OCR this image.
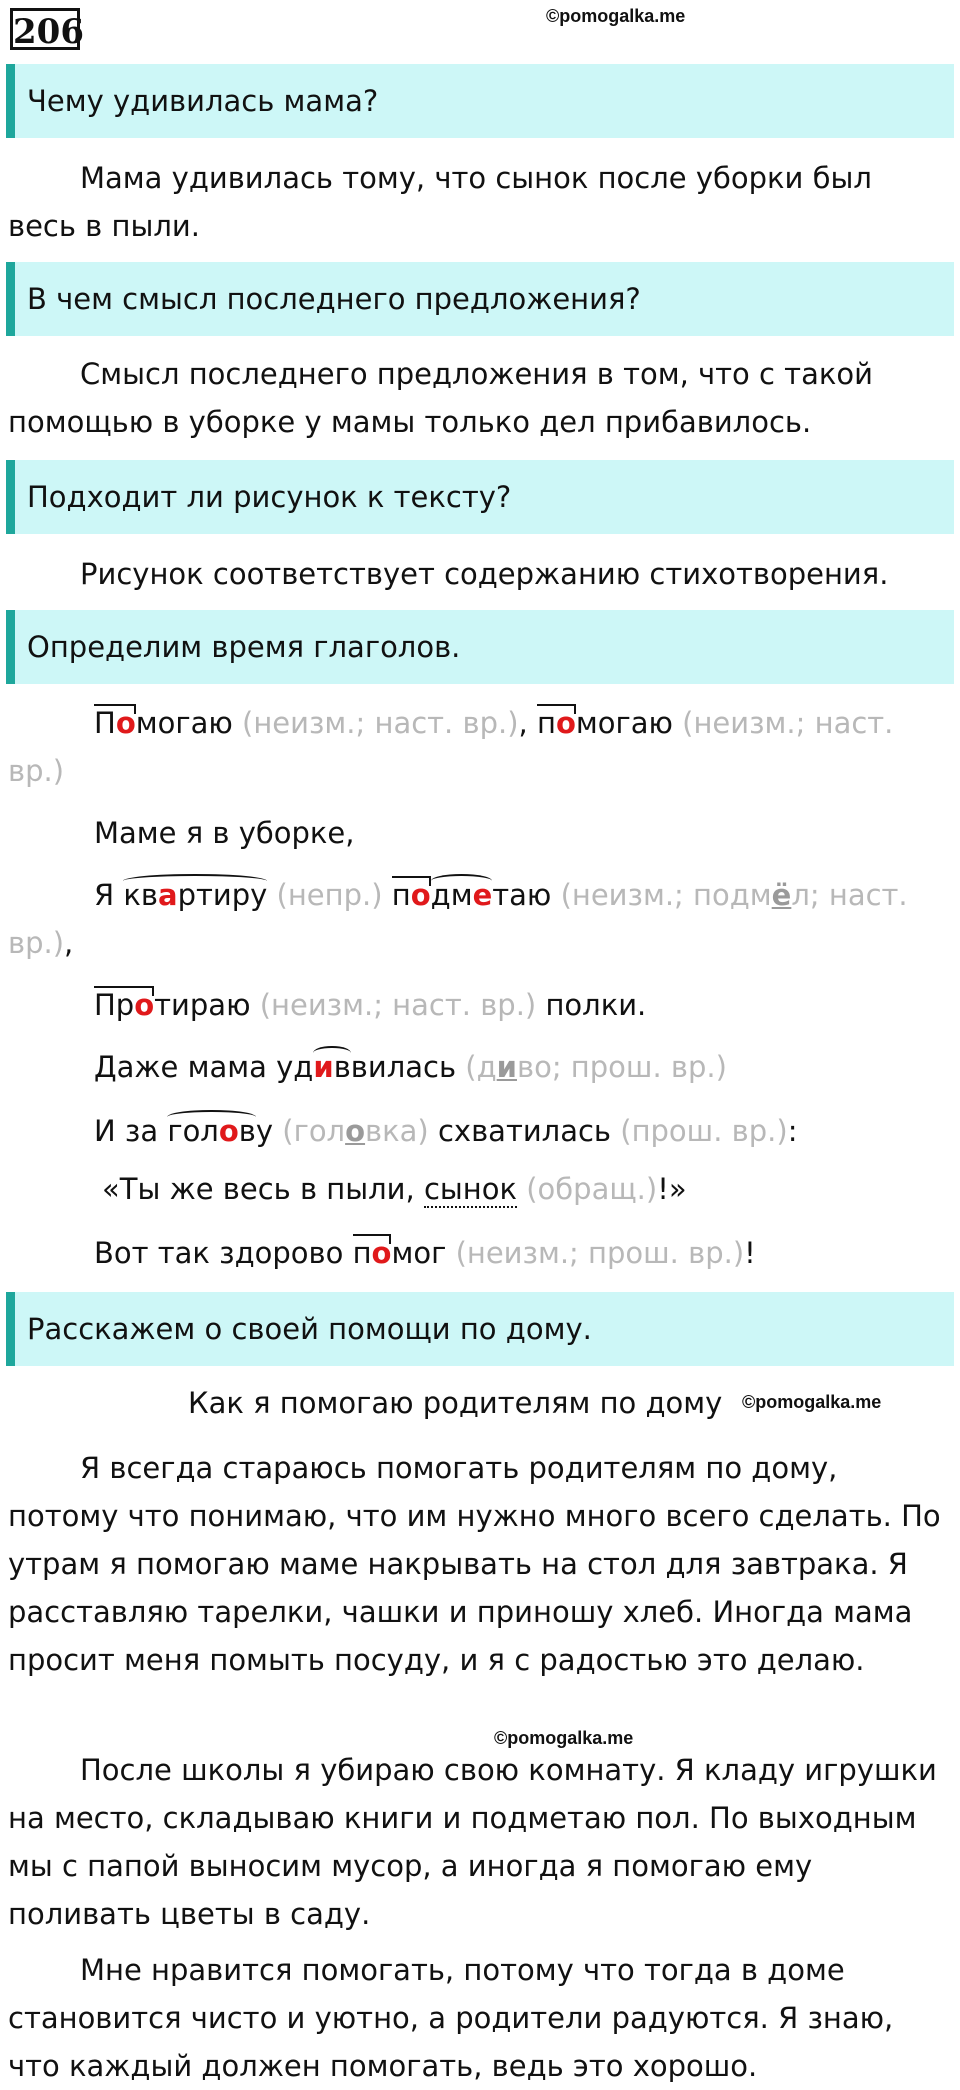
206	©pomogalka.me
Чему удивилась мама?
Мама удивилась тому, что сынок после уборки был весь в пыли.
В чем смысл последнего предложения?
Смысл последнего предложения в том, что с такой помощью в уборке у мамы только дел прибавилось.
Подходит ли рисунок к тексту?
Рисунок соответствует содержанию стихотворения.
Определим время глаголов.
Помогаю (неизм.; наст. вр.), помогаю (неизм.; наст.
вр.)
Маме я в уборке,
Я квартиру (непр.) подметаю (неизм.; подмёл; наст.
вр.),
Протираю (неизм.; наст. вр.) полки.
Даже мама удиввилась (диво; прош. вр.)
И за голову (головка) схватилась (прош. вр.):
«Ты же весь в пыли, сынок (обращ.)!»
Вот так здорово помог (неизм.; прош. вр.)!
Расскажем о своей помощи по дому.
Как я помогаю родителям по дому ©pomogalka.me
Я всегда стараюсь помогать родителям по дому, потому что понимаю, что им нужно много всего сделать. По утрам я помогаю маме накрывать на стол для завтрака. Я расставляю тарелки, чашки и приношу хлеб. Иногда мама просит меня помыть посуду, и я с радостью это делаю.
©pomogalka.me
После школы я убираю свою комнату. Я кладу игрушки на место, складываю книги и подметаю пол. По выходным мы с папой выносим мусор, а иногда я помогаю ему поливать цветы в саду.
Мне нравится помогать, потому что тогда в доме становится чисто и уютно, а родители радуются. Я знаю, что каждый должен помогать, ведь это хорошо.
